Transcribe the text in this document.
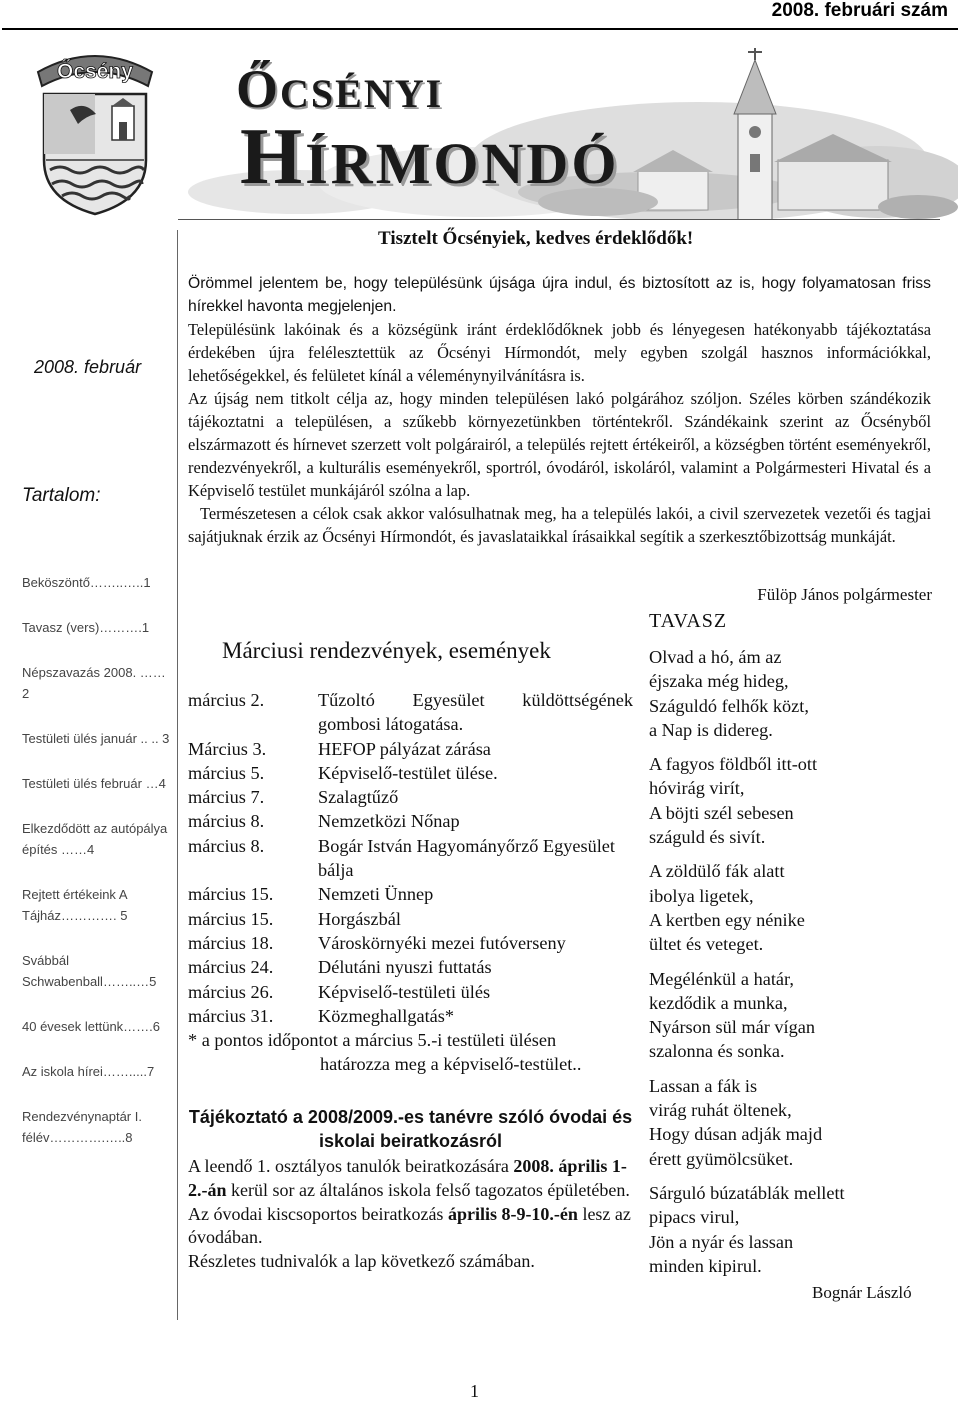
2008. februári szám
Őcsény ŐCSÉNYI
HÍRMONDÓ
2008. február
Tartalom:
Beköszöntő……..…..1
Tavasz (vers)……….1
Népszavazás 2008. ……2
Testületi ülés január .. .. 3
Testületi ülés február …4
Elkezdődött az autópálya építés ……4
Rejtett értékeink A Tájház…………. 5
Svábbál Schwabenball……..…5
40 évesek lettünk…….6
Az iskola hírei…….....7
Rendezvénynaptár I. félév………….…..8
Tisztelt Őcsényiek, kedves érdeklődők!

Örömmel jelentem be, hogy településünk újsága újra indul, és biztosított az is, hogy folyamatosan friss hírekkel havonta megjelenjen.

Településünk lakóinak és a községünk iránt érdeklődőknek jobb és lényegesen hatékonyabb tájékoztatása érdekében újra felélesztettük az Őcsényi Hírmondót, mely egyben szolgál hasznos információkkal, lehetőségekkel, és felületet kínál a véleménynyilvánításra is.

Az újság nem titkolt célja az, hogy minden településen lakó polgárához szóljon. Széles körben szándékozik tájékoztatni a településen, a szűkebb környezetünkben történtekről. Szándékaink szerint az Őcsényből elszármazott és hírnevet szerzett volt polgárairól, a település rejtett értékeiről, a községben történt eseményekről, rendezvényekről, a kulturális eseményekről, sportról, óvodáról, iskoláról, valamint a Polgármesteri Hivatal és a Képviselő testület munkájáról szólna a lap.

Természetesen a célok csak akkor valósulhatnak meg, ha a település lakói, a civil szervezetek vezetői és tagjai sajátjuknak érzik az Őcsényi Hírmondót, és javaslataikkal írásaikkal segítik a szerkesztőbizottság munkáját.

Fülöp János polgármester
Márciusi rendezvények, események
március 2.	Tűzoltó Egyesület küldöttségének gombosi látogatása.
Március 3.	HEFOP pályázat zárása
március 5.	Képviselő-testület ülése.
március 7.	Szalagtűző
március 8.	Nemzetközi Nőnap
március 8.	Bogár István Hagyományőrző Egyesület bálja
március 15.	Nemzeti Ünnep
március 15.	Horgászbál
március 18.	Városkörnyéki mezei futóverseny
március 24.	Délutáni nyuszi futtatás
március 26.	Képviselő-testületi ülés
március 31.	Közmeghallgatás*
* a pontos időpontot a március 5.-i testületi ülésen
határozza meg a képviselő-testület..
Tájékoztató a 2008/2009.-es tanévre szóló óvodai és iskolai beiratkozásról

A leendő 1. osztályos tanulók beiratkozására 2008. április 1-2.-án kerül sor az általános iskola felső tagozatos épületében.

Az óvodai kiscsoportos beiratkozás április 8-9-10.-én lesz az óvodában.

Részletes tudnivalók a lap következő számában.

TAVASZ
Olvad a hó, ám az
éjszaka még hideg,
Száguldó felhők közt,
a Nap is didereg.
A fagyos földből itt-ott
hóvirág virít,
A böjti szél sebesen
száguld és sivít.
A zöldülő fák alatt
ibolya ligetek,
A kertben egy nénike
ültet és veteget.
Megélénkül a határ,
kezdődik a munka,
Nyárson sül már vígan
szalonna és sonka.
Lassan a fák is
virág ruhát öltenek,
Hogy dúsan adják majd
érett gyümölcsüket.
Sárguló búzatáblák mellett
pipacs virul,
Jön a nyár és lassan
minden kipirul.
Bognár László
1
